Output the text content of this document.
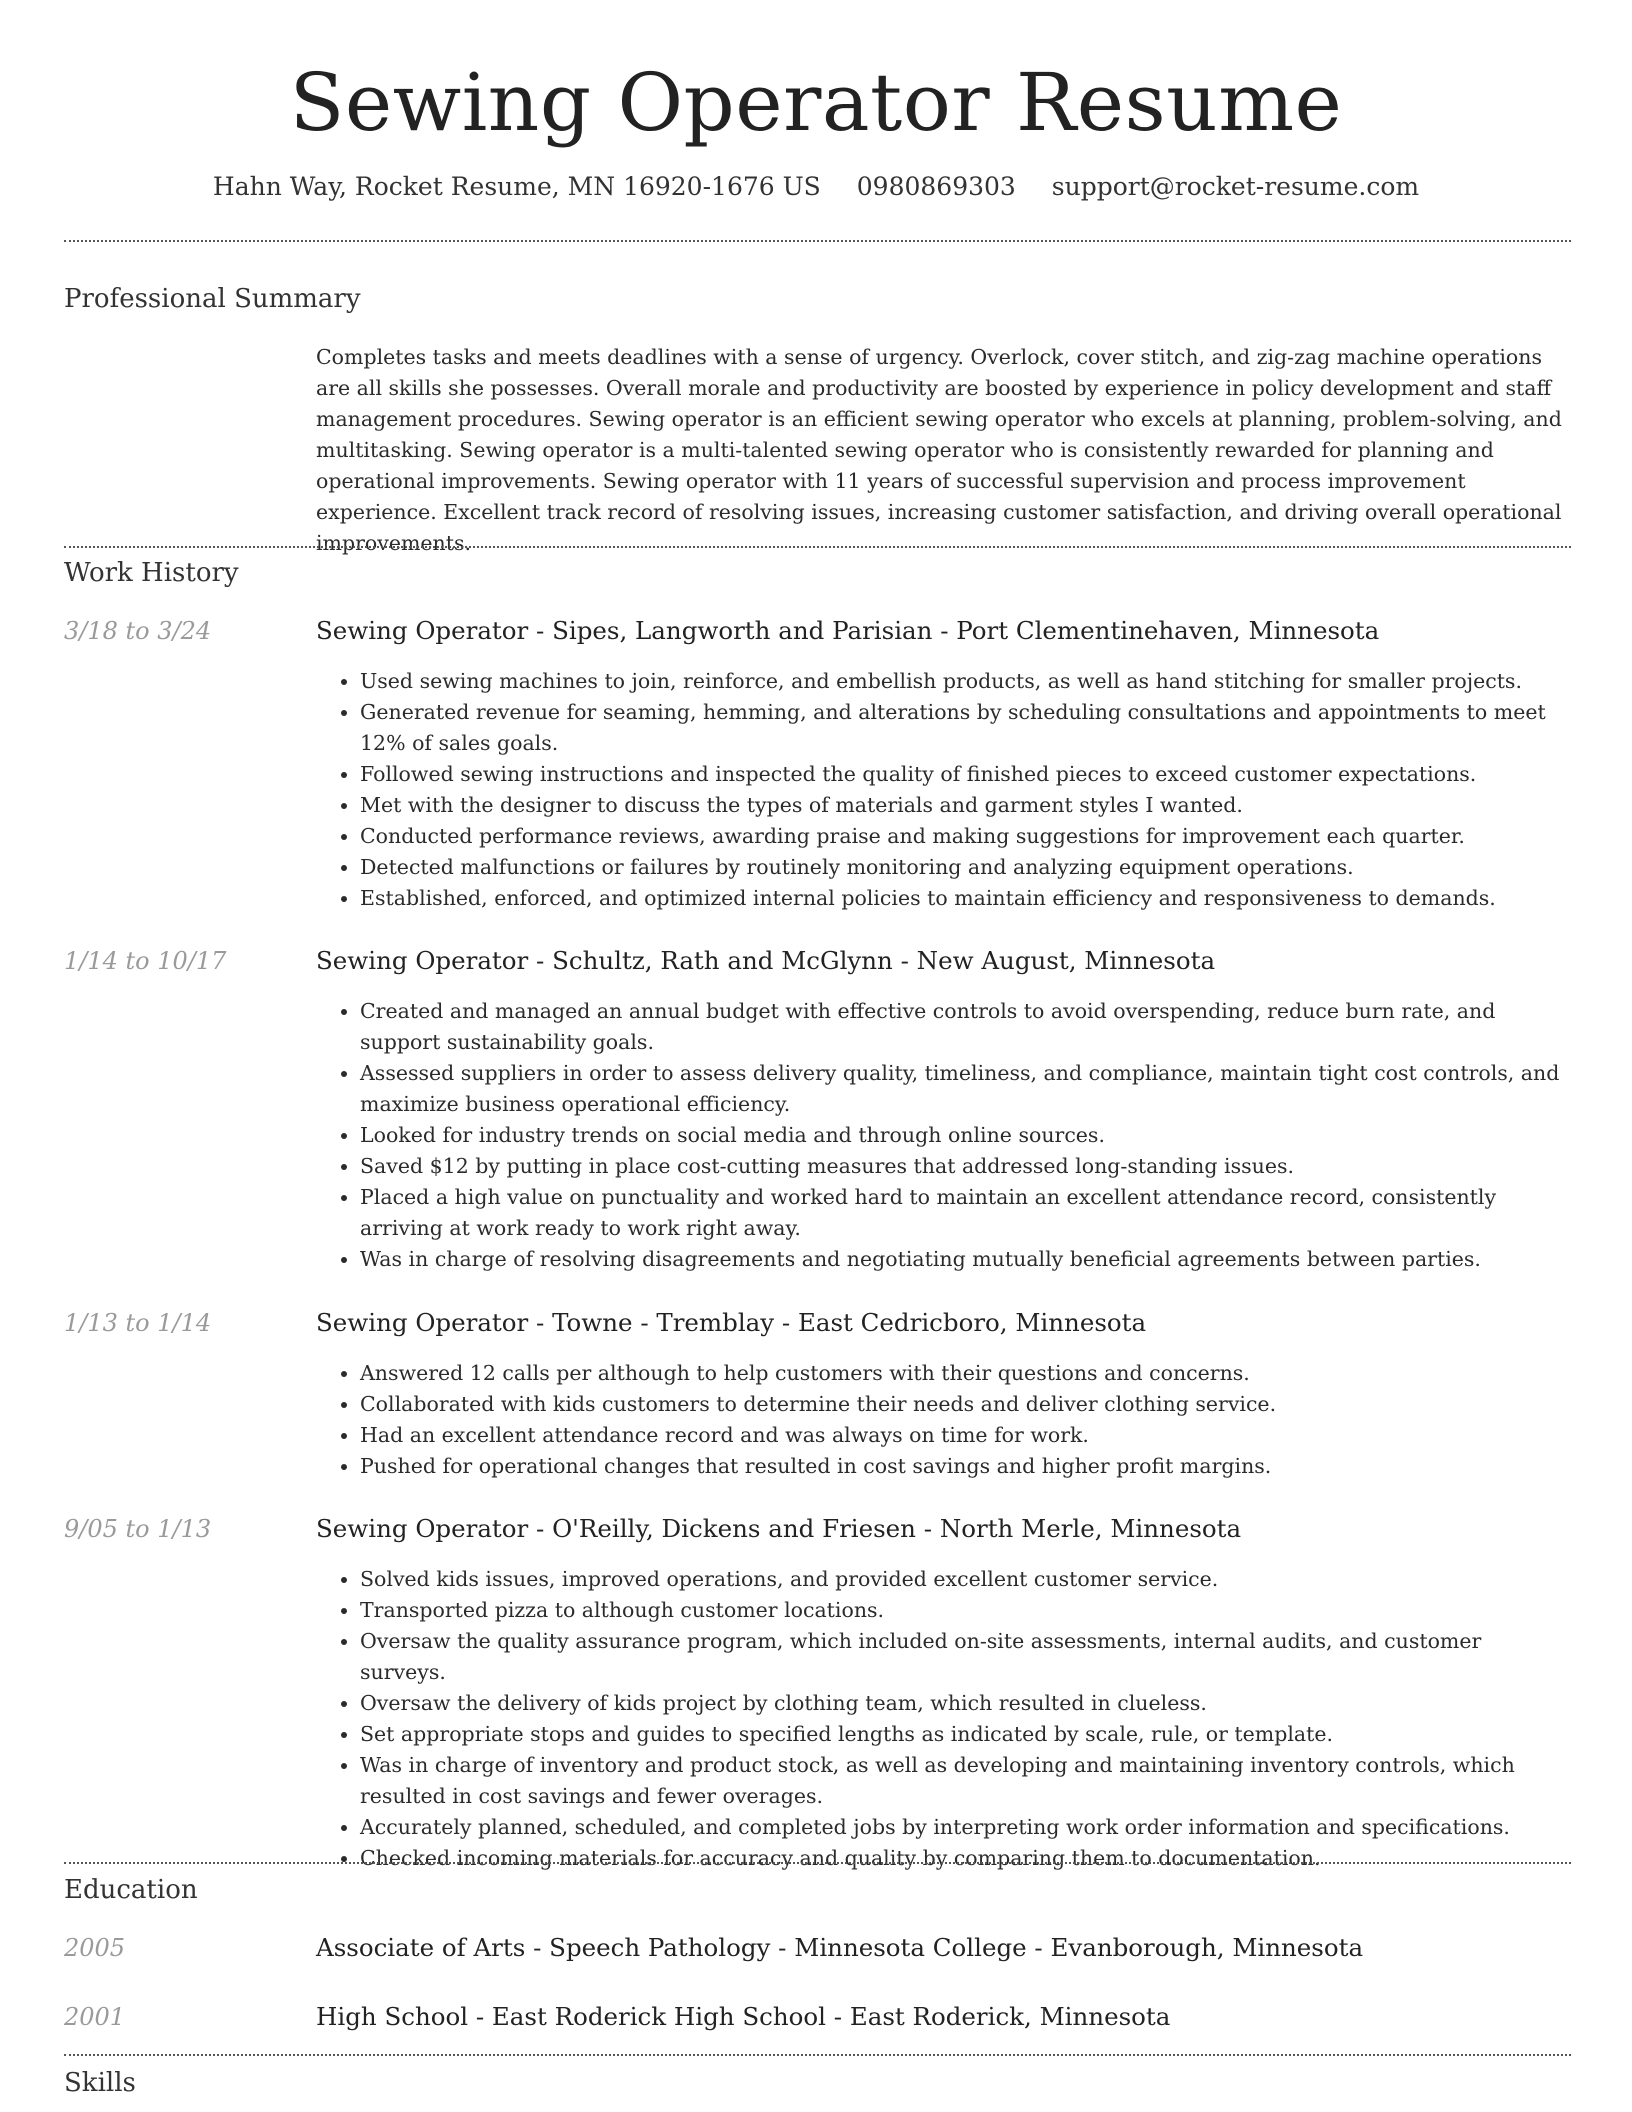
Sewing Operator Resume
Hahn Way, Rocket Resume, MN 16920-1676 US 0980869303 support@rocket-resume.com
Professional Summary
Completes tasks and meets deadlines with a sense of urgency. Overlock, cover stitch, and zig-zag machine operations are all skills she possesses. Overall morale and productivity are boosted by experience in policy development and staff management procedures. Sewing operator is an efficient sewing operator who excels at planning, problem-solving, and multitasking. Sewing operator is a multi-talented sewing operator who is consistently rewarded for planning and operational improvements. Sewing operator with 11 years of successful supervision and process improvement experience. Excellent track record of resolving issues, increasing customer satisfaction, and driving overall operational improvements.
Work History
3/18 to 3/24	Sewing Operator - Sipes, Langworth and Parisian - Port Clementinehaven, Minnesota
• Used sewing machines to join, reinforce, and embellish products, as well as hand stitching for smaller projects.
• Generated revenue for seaming, hemming, and alterations by scheduling consultations and appointments to meet 12% of sales goals.
• Followed sewing instructions and inspected the quality of finished pieces to exceed customer expectations.
• Met with the designer to discuss the types of materials and garment styles I wanted.
• Conducted performance reviews, awarding praise and making suggestions for improvement each quarter.
• Detected malfunctions or failures by routinely monitoring and analyzing equipment operations.
• Established, enforced, and optimized internal policies to maintain efficiency and responsiveness to demands.
1/14 to 10/17	Sewing Operator - Schultz, Rath and McGlynn - New August, Minnesota
• Created and managed an annual budget with effective controls to avoid overspending, reduce burn rate, and support sustainability goals.
• Assessed suppliers in order to assess delivery quality, timeliness, and compliance, maintain tight cost controls, and maximize business operational efficiency.
• Looked for industry trends on social media and through online sources.
• Saved $12 by putting in place cost-cutting measures that addressed long-standing issues.
• Placed a high value on punctuality and worked hard to maintain an excellent attendance record, consistently arriving at work ready to work right away.
• Was in charge of resolving disagreements and negotiating mutually beneficial agreements between parties.
1/13 to 1/14	Sewing Operator - Towne - Tremblay - East Cedricboro, Minnesota
• Answered 12 calls per although to help customers with their questions and concerns.
• Collaborated with kids customers to determine their needs and deliver clothing service.
• Had an excellent attendance record and was always on time for work.
• Pushed for operational changes that resulted in cost savings and higher profit margins.
9/05 to 1/13	Sewing Operator - O'Reilly, Dickens and Friesen - North Merle, Minnesota
• Solved kids issues, improved operations, and provided excellent customer service.
• Transported pizza to although customer locations.
• Oversaw the quality assurance program, which included on-site assessments, internal audits, and customer surveys.
• Oversaw the delivery of kids project by clothing team, which resulted in clueless.
• Set appropriate stops and guides to specified lengths as indicated by scale, rule, or template.
• Was in charge of inventory and product stock, as well as developing and maintaining inventory controls, which resulted in cost savings and fewer overages.
• Accurately planned, scheduled, and completed jobs by interpreting work order information and specifications.
• Checked incoming materials for accuracy and quality by comparing them to documentation.
Education
2005	Associate of Arts - Speech Pathology - Minnesota College - Evanborough, Minnesota
2001	High School - East Roderick High School - East Roderick, Minnesota
Skills
